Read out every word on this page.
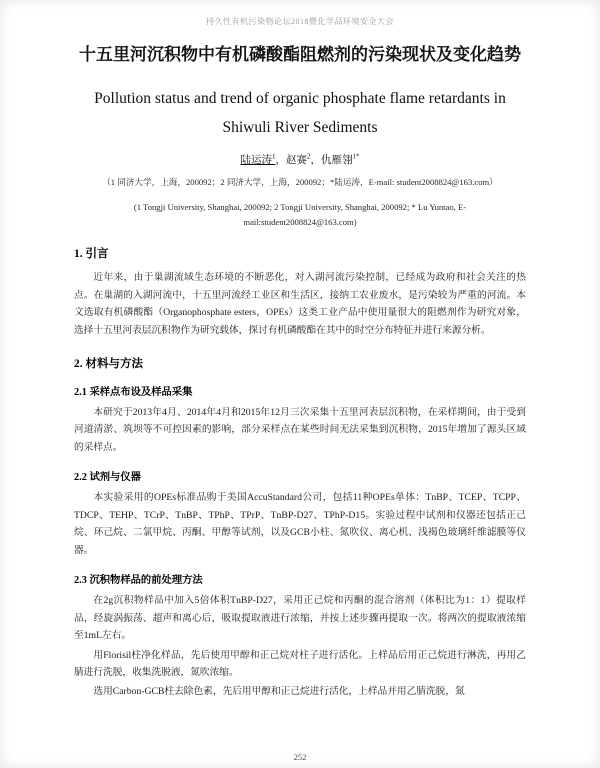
持久性有机污染物论坛2018暨化学品环境安全大会
十五里河沉积物中有机磷酸酯阻燃剂的污染现状及变化趋势
Pollution status and trend of organic phosphate flame retardants in Shiwuli River Sediments
陆运涛$^1$，赵赛$^2$，仇雁翎$^{1*}$
（1 同济大学，上海，200092；2 同济大学，上海，200092；*陆运涛，E-mail: student2008824@163.com）
(1 Tongji University, Shanghai, 200092; 2 Tongji University, Shanghai, 200092; * Lu Yuntao, E-mail:student2008824@163.com)
1. 引言

近年来，由于巢湖流域生态环境的不断恶化，对入湖河流污染控制，已经成为政府和社会关注的热点。在巢湖的入湖河流中，十五里河流经工业区和生活区，接纳工农业废水，是污染较为严重的河流。本文选取有机磷酸酯（Organophosphate esters，OPEs）这类工业产品中使用量很大的阻燃剂作为研究对象，选择十五里河表层沉积物作为研究载体，探讨有机磷酸酯在其中的时空分布特征并进行来源分析。

2. 材料与方法
2.1 采样点布设及样品采集

本研究于2013年4月、2014年4月和2015年12月三次采集十五里河表层沉积物，在采样期间，由于受到河道清淤、筑坝等不可控因素的影响，部分采样点在某些时间无法采集到沉积物，2015年增加了源头区域的采样点。

2.2 试剂与仪器

本实验采用的OPEs标准品购于美国AccuStandard公司，包括11种OPEs单体：TnBP、TCEP、TCPP、TDCP、TEHP、TCrP、TnBP、TPhP、TPrP、TnBP-D27、TPhP-D15。实验过程中试剂和仪器还包括正己烷、环己烷、二氯甲烷、丙酮、甲醇等试剂，以及GCB小柱、氮吹仪、离心机、浅褐色玻璃纤维滤膜等仪器。

2.3 沉积物样品的前处理方法

在2g沉积物样品中加入5倍体积TnBP-D27，采用正己烷和丙酮的混合溶剂（体积比为1：1）提取样品，经旋涡振荡、超声和离心后，吸取提取液进行浓缩，并按上述步骤再提取一次。将两次的提取液浓缩至1mL左右。

用Florisil柱净化样品，先后使用甲醇和正己烷对柱子进行活化。上样品后用正己烷进行淋洗，再用乙腈进行洗脱，收集洗脱液，氮吹浓缩。

选用Carbon-GCB柱去除色素，先后用甲醇和正己烷进行活化，上样品并用乙腈洗脱，氮

252
